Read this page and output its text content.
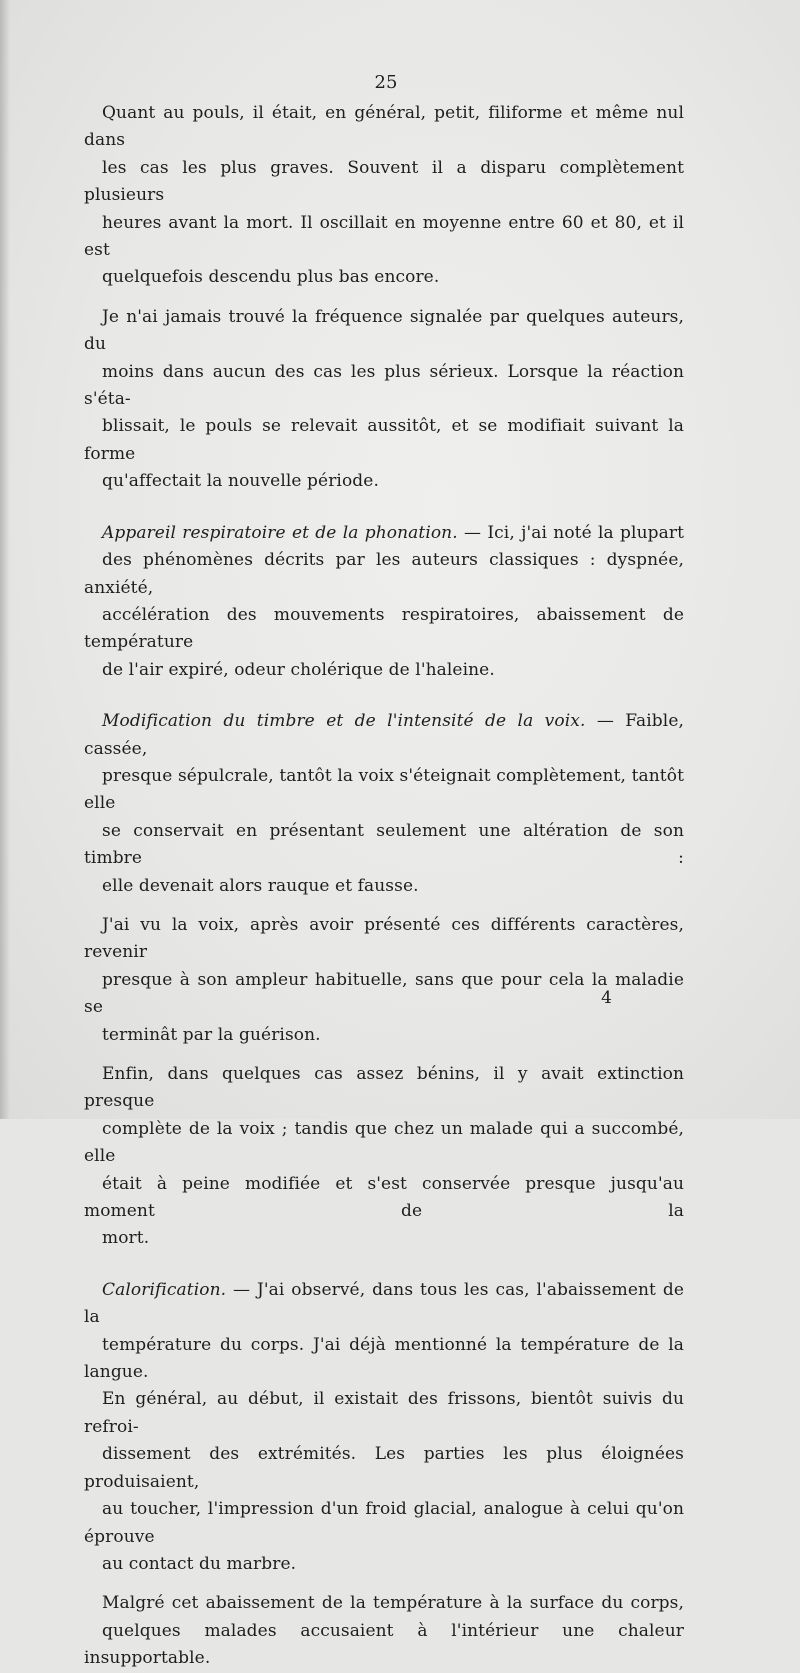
25

Quant au pouls, il était, en général, petit, filiforme et même nul dans
les cas les plus graves. Souvent il a disparu complètement plusieurs
heures avant la mort. Il oscillait en moyenne entre 60 et 80, et il est
quelquefois descendu plus bas encore.

Je n'ai jamais trouvé la fréquence signalée par quelques auteurs, du
moins dans aucun des cas les plus sérieux. Lorsque la réaction s'éta-
blissait, le pouls se relevait aussitôt, et se modifiait suivant la forme
qu'affectait la nouvelle période.

Appareil respiratoire et de la phonation. — Ici, j'ai noté la plupart
des phénomènes décrits par les auteurs classiques : dyspnée, anxiété,
accélération des mouvements respiratoires, abaissement de température
de l'air expiré, odeur cholérique de l'haleine.

Modification du timbre et de l'intensité de la voix. — Faible, cassée,
presque sépulcrale, tantôt la voix s'éteignait complètement, tantôt elle
se conservait en présentant seulement une altération de son timbre :
elle devenait alors rauque et fausse.

J'ai vu la voix, après avoir présenté ces différents caractères, revenir
presque à son ampleur habituelle, sans que pour cela la maladie se
terminât par la guérison.

Enfin, dans quelques cas assez bénins, il y avait extinction presque
complète de la voix ; tandis que chez un malade qui a succombé, elle
était à peine modifiée et s'est conservée presque jusqu'au moment de la
mort.

Calorification. — J'ai observé, dans tous les cas, l'abaissement de la
température du corps. J'ai déjà mentionné la température de la langue.
En général, au début, il existait des frissons, bientôt suivis du refroi-
dissement des extrémités. Les parties les plus éloignées produisaient,
au toucher, l'impression d'un froid glacial, analogue à celui qu'on éprouve
au contact du marbre.

Malgré cet abaissement de la température à la surface du corps,
quelques malades accusaient à l'intérieur une chaleur insupportable.

4
